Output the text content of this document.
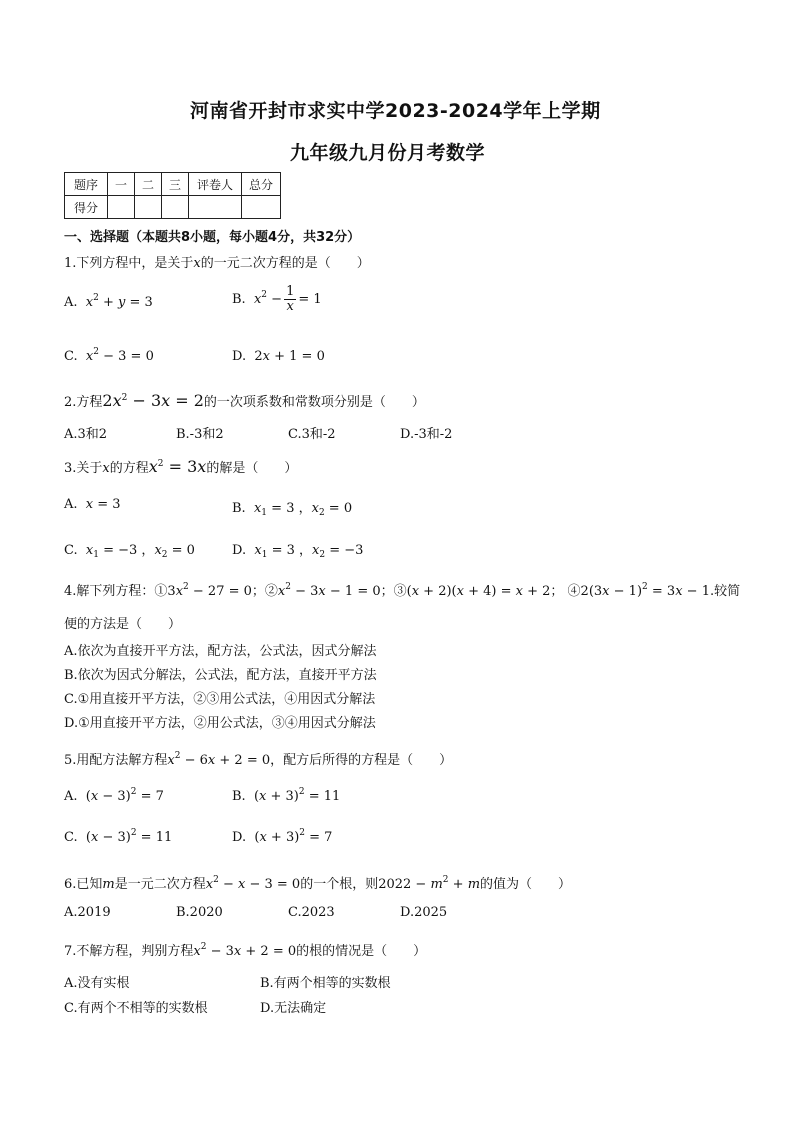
河南省开封市求实中学2023-2024学年上学期
九年级九月份月考数学
题序	一	二	三	评卷人	总分
得分					
一、选择题（本题共8小题，每小题4分，共32分）
1.下列方程中，是关于x的一元二次方程的是（　　）
A. $x^2 + y = 3$	B. $x^2 - \frac{1}{x} = 1$
C. $x^2 - 3 = 0$	D. 2x + 1 = 0
2.方程$2x^2 - 3x = 2$的一次项系数和常数项分别是（　　）
A.3和2	B.-3和2	C.3和-2	D.-3和-2
3.关于x的方程$x^2 = 3x$的解是（　　）
A. x = 3	B. $x_1 = 3$ ，$x_2 = 0$
C. $x_1 = -3$ ，$x_2 = 0$	D. $x_1 = 3$ ，$x_2 = -3$
4.解下列方程：$①3x^2 - 27 = 0$；$②x^2 - 3x - 1 = 0$；③(x + 2)(x + 4) = x + 2； ④2(3x − 1)$^2$ = 3x − 1.较简
便的方法是（　　）
A.依次为直接开平方法，配方法，公式法，因式分解法
B.依次为因式分解法，公式法，配方法，直接开平方法
C.①用直接开平方法，②③用公式法，④用因式分解法
D.①用直接开平方法，②用公式法，③④用因式分解法
5.用配方法解方程$x^2 - 6x + 2 = 0$，配方后所得的方程是（　　）
A.  $(x - 3)^2 = 7$	B.  $(x + 3)^2 = 11$
C.  $(x - 3)^2 = 11$	D.  $(x + 3)^2 = 7$
6.已知m是一元二次方程$x^2 - x - 3 = 0$的一个根，则$2022 - m^2 + m$的值为（　　）
A.2019	B.2020	C.2023	D.2025
7.不解方程，判别方程$x^2 - 3x + 2 = 0$的根的情况是（　　）
A.没有实根	B.有两个相等的实数根
C.有两个不相等的实数根	D.无法确定
